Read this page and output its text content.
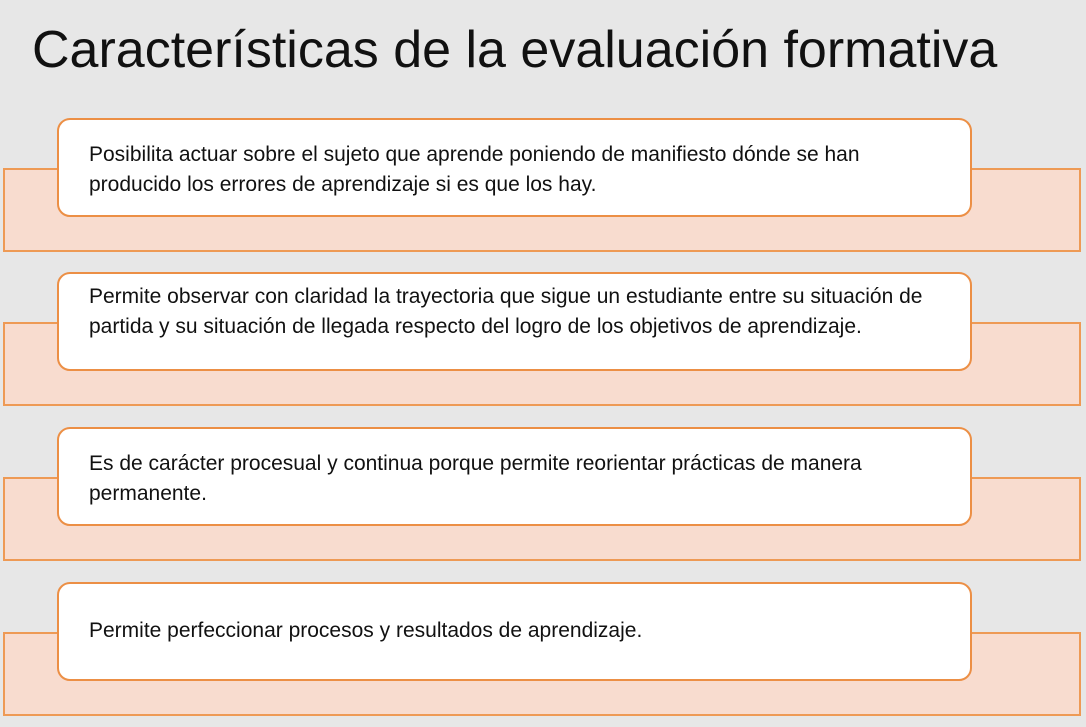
Características de la evaluación formativa
Posibilita actuar sobre el sujeto que aprende poniendo de manifiesto dónde se han producido los errores de aprendizaje si es que los hay.
Permite observar con claridad la trayectoria que sigue un estudiante entre su situación de partida y su situación de llegada respecto del logro de los objetivos de aprendizaje.
Es de carácter procesual y continua porque permite reorientar prácticas de manera permanente.
Permite perfeccionar procesos y resultados de aprendizaje.
